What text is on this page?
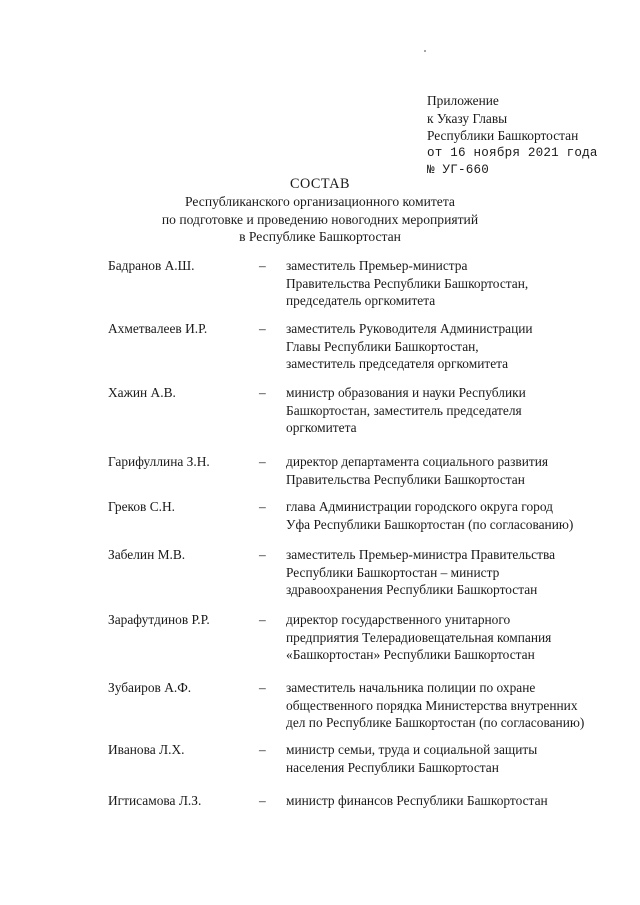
Приложение
к Указу Главы
Республики Башкортостан
от 16 ноября 2021 года
№ УГ-660
СОСТАВ
Республиканского организационного комитета
по подготовке и проведению новогодних мероприятий
в Республике Башкортостан
Бадранов А.Ш.	– заместитель Премьер-министра
Правительства Республики Башкортостан,
председатель оргкомитета
Ахметвалеев И.Р.	– заместитель Руководителя Администрации
Главы Республики Башкортостан,
заместитель председателя оргкомитета
Хажин А.В.	– министр образования и науки Республики
Башкортостан, заместитель председателя
оргкомитета
Гарифуллина З.Н.	– директор департамента социального развития
Правительства Республики Башкортостан
Греков С.Н.	– глава Администрации городского округа город
Уфа Республики Башкортостан (по согласованию)
Забелин М.В.	– заместитель Премьер-министра Правительства
Республики Башкортостан – министр
здравоохранения Республики Башкортостан
Зарафутдинов Р.Р.	– директор государственного унитарного
предприятия Телерадиовещательная компания
«Башкортостан» Республики Башкортостан
Зубаиров А.Ф.	– заместитель начальника полиции по охране
общественного порядка Министерства внутренних
дел по Республике Башкортостан (по согласованию)
Иванова Л.Х.	– министр семьи, труда и социальной защиты
населения Республики Башкортостан
Игтисамова Л.З.	– министр финансов Республики Башкортостан
